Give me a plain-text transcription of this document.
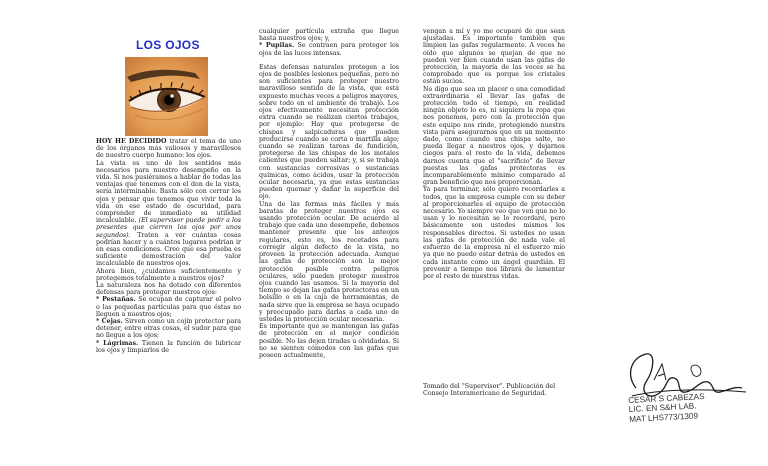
LOS OJOS

HOY HE DECIDIDO tratar el tema de uno de los órganos más valiosos y maravillosos de nuestro cuerpo humano: los ojos.

La vista es uno de los sentidos más necesarios para nuestro desempeño en la vida. Si nos pusiéramos a hablar de todas las ventajas que tenemos con el don de la vista, sería interminable. Basta sólo con cerrar los ojos y pensar que tenemos que vivir toda la vida en ese estado de oscuridad, para comprender de inmediato su utilidad incalculable. (El supervisor puede pedir a los presentes que cierren los ojos por unos segundos). Traten a ver cuántas cosas podrían hacer y a cuántos lugares podrían ir en esas condiciones. Creo que esa prueba es suficiente demostración del valor incalculable de nuestros ojos.

Ahora bien, ¿cuidamos suficientemente y protegemos totalmente a nuestros ojos?

La naturaleza nos ha dotado con diferentes defensas para proteger nuestros ojos:

* Pestañas. Se ocupan de capturar el polvo o las pequeñas partículas para que éstas no lleguen a nuestros ojos;

* Cejas. Sirven como un cojín protector para detener, entre otras cosas, el sudor para que no llegue a los ojos;

* Lágrimas. Tienen la función de lubricar los ojos y limpiarlos de

cualquier partícula extraña que llegue hasta nuestros ojos; y,

* Pupilas. Se contraen para proteger los ojos de las luces intensas.

Estas defensas naturales protegen a los ojos de posibles lesiones pequeñas, pero no son suficientes para proteger nuestro maravilloso sentido de la vista, que está expuesto muchas veces a peligros mayores, sobre todo en el ambiente de trabajo. Los ojos efectivamente necesitan protección extra cuando se realizan ciertos trabajos, por ejemplo: Hay que protegerse de chispas y salpicaduras que pueden producirse cuando se corta o martilla algo; cuando se realizan tareas de fundición, protegerse de las chispas de los metales calientes que pueden saltar; y, si se trabaja con sustancias corrosivas o sustancias químicas, como ácidos, usar la protección ocular necesaria, ya que estas sustancias pueden quemar y dañar la superficie del ojo.

Una de las formas más fáciles y más baratas de proteger nuestros ojos es usando protección ocular. De acuerdo al trabajo que cada uno desempeñe, debemos mantener presente que los anteojos regulares, esto es, los recetados para corregir algún defecto de la vista, no proveen la protección adecuada. Aunque las gafas de protección son la mejor protección posible contra peligros oculares, sólo pueden proteger nuestros ojos cuando las usamos. Si la mayoría del tiempo se dejan las gafas protectoras en un bolsillo o en la caja de herramientas, de nada sirve que la empresa se haya ocupado y preocupado para darlas a cada uno de ustedes la protección ocular necesaria.

Es importante que se mantengan las gafas de protección en el mejor condición posible. No las dejen tiradas u olvidadas. Si no se sienten cómodos con las gafas que poseen actualmente,

vengan a mí y yo me ocuparé de que sean ajustadas. Es importante también que limpien las gafas regularmente. A veces he oído que algunos se quejan de que no pueden ver bien cuando usan las gafas de protección, la mayoría de las veces se ha comprobado que es porque los cristales están sucios.

No digo que sea un placer o una comodidad extraordinaria el llevar las gafas de protección todo el tiempo, en realidad ningún objeto lo es, ni siquiera la ropa que nos ponemos, pero con la protección que este equipo nos rinde, protegiendo nuestra vista para asegurarnos que en un momento dado, como cuando una chispa salte, no pueda llegar a nuestros ojos, y dejarnos ciegos para el resto de la vida, debemos darnos cuenta que el "sacrificio" de llevar puestas las gafas protectoras es incomparablemente mínimo comparado al gran beneficio que nos proporcionan.

Ya para terminar, sólo quiero recordarles a todos, que la empresa cumple con su deber al proporcionarles el equipo de protección necesario. Yo siempre veo que ven que no lo usan y lo necesitan se lo recordaré, pero básicamente son ustedes mismos los responsables directos. Si ustedes no usan las gafas de protección de nada vale el esfuerzo de la empresa ni el esfuerzo mío ya que no puedo estar detrás de ustedes en cada instante como un ángel guardián. El prevenir a tiempo nos librará de lamentar por el resto de nuestras vidas.

Tomado del "Supervisor". Publicación del Consejo Interamericano de Seguridad.	CESAR S CABEZAS
LIC. EN S&H LAB.
MAT LHS773/1309
